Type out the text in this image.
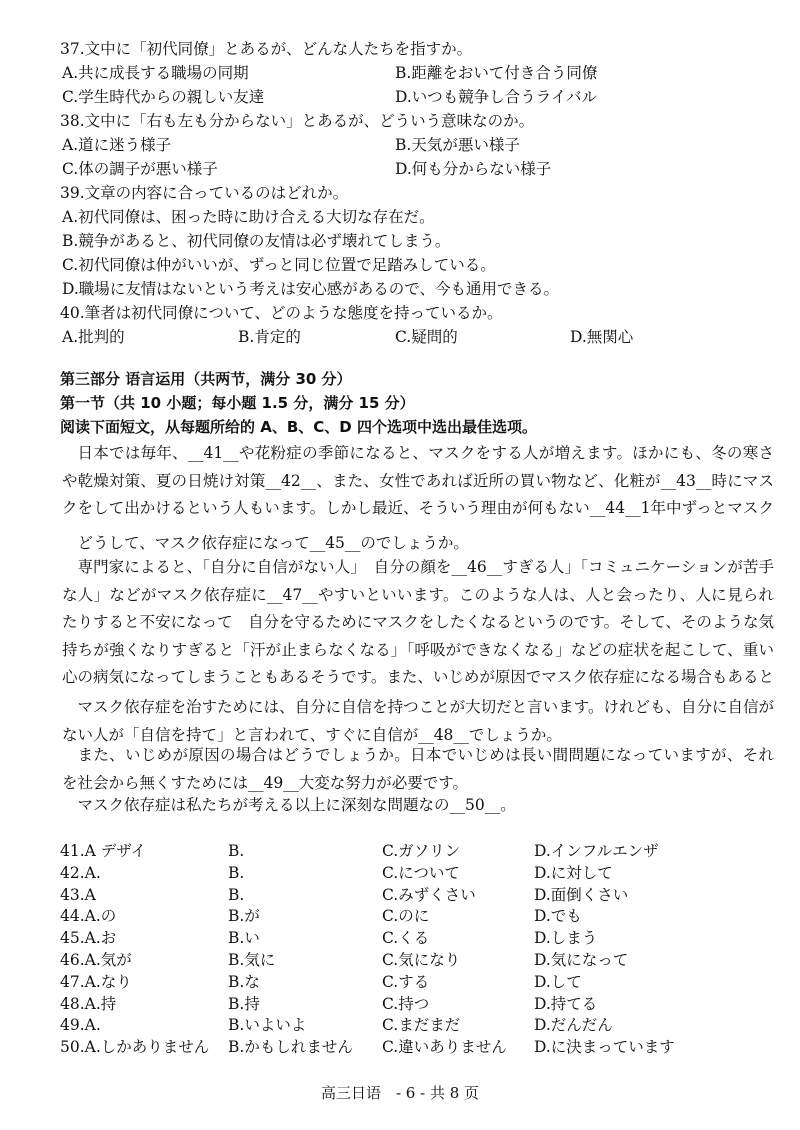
37.文中に「初代同僚」とあるが、どんな人たちを指すか。
A.共に成長する職場の同期	B.距離をおいて付き合う同僚
C.学生時代からの親しい友達	D.いつも競争し合うライバル
38.文中に「右も左も分からない」とあるが、どういう意味なのか。
A.道に迷う様子	B.天気が悪い様子
C.体の調子が悪い様子	D.何も分からない様子
39.文章の内容に合っているのはどれか。
A.初代同僚は、困った時に助け合える大切な存在だ。
B.競争があると、初代同僚の友情は必ず壊れてしまう。
C.初代同僚は仲がいいが、ずっと同じ位置で足踏みしている。
D.職場に友情はないという考えは安心感があるので、今も通用できる。
40.筆者は初代同僚について、どのような態度を持っているか。
A.批判的	B.肯定的	C.疑問的	D.無関心
第三部分 语言运用（共两节，满分 30 分）
第一节（共 10 小题；每小题 1.5 分，满分 15 分）
阅读下面短文，从每题所给的 A、B、C、D 四个选项中选出最佳选项。
日本では毎年、__41__や花粉症の季節になると、マスクをする人が増えます。ほかにも、冬の寒さや乾燥対策、夏の日焼け対策__42__、また、女性であれば近所の買い物など、化粧が__43__時にマスクをして出かけるという人もいます。しかし最近、そういう理由が何もない__44__1年中ずっとマスク
どうして、マスク依存症になって__45__のでしょうか。
専門家によると、「自分に自信がない人」　自分の顔を__46__すぎる人」「コミュニケーションが苦手な人」などがマスク依存症に__47__やすいといいます。このような人は、人と会ったり、人に見られたりすると不安になって　自分を守るためにマスクをしたくなるというのです。そして、そのような気持ちが強くなりすぎると「汗が止まらなくなる」「呼吸ができなくなる」などの症状を起こして、重い心の病気になってしまうこともあるそうです。また、いじめが原因でマスク依存症になる場合もあると
マスク依存症を治すためには、自分に自信を持つことが大切だと言います。けれども、自分に自信がない人が「自信を持て」と言われて、すぐに自信が__48__でしょうか。
また、いじめが原因の場合はどうでしょうか。日本でいじめは長い間問題になっていますが、それを社会から無くすためには__49__大変な努力が必要です。
マスク依存症は私たちが考える以上に深刻な問題なの__50__。
41.A デザイ	B.	C.ガソリン	D.インフルエンザ
42.A.	B.	C.について	D.に対して
43.A	B.	C.みずくさい	D.面倒くさい
44.A.の	B.が	C.のに	D.でも
45.A.お	B.い	C.くる	D.しまう
46.A.気が	B.気に	C.気になり	D.気になって
47.A.なり	B.な	C.する	D.して
48.A.持	B.持	C.持つ	D.持てる
49.A.	B.いよいよ	C.まだまだ	D.だんだん
50.A.しかありません B.かもしれません C.違いありません D.に決まっています
高三日语　- 6 - 共 8 页
